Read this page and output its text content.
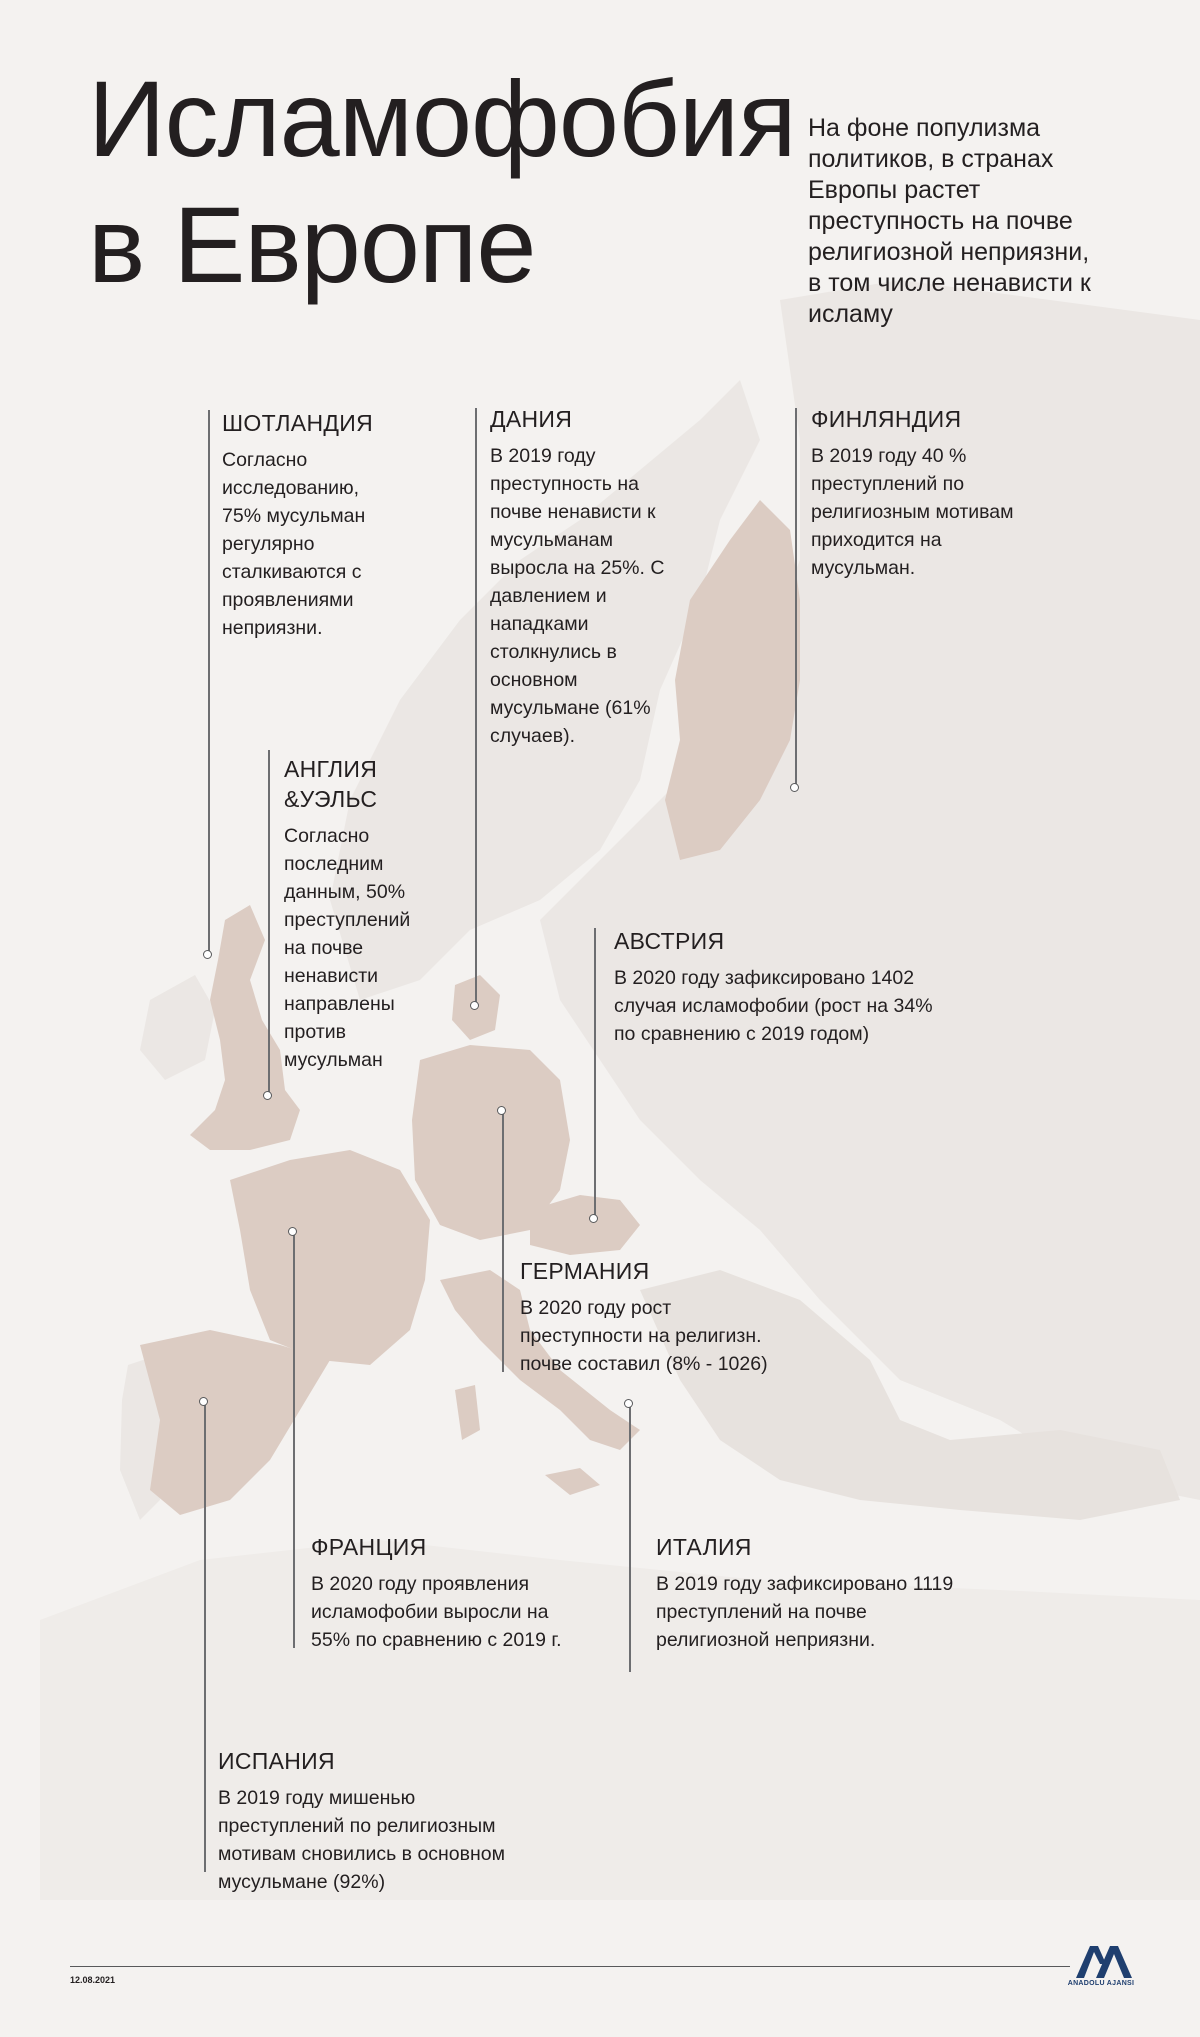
Исламофобия
в Европе
На фоне популизма
политиков, в странах
Европы растет
преступность на почве
религиозной неприязни,
в том числе ненависти к
исламу
ШОТЛАНДИЯ
Согласно
исследованию,
75% мусульман
регулярно
сталкиваются с
проявлениями
неприязни.
ДАНИЯ
В 2019 году
преступность на
почве ненависти к
мусульманам
выросла на 25%. С
давлением и
нападками
столкнулись в
основном
мусульмане (61%
случаев).
ФИНЛЯНДИЯ
В 2019 году 40 %
преступлений по
религиозным мотивам
приходится на
мусульман.
АНГЛИЯ
&УЭЛЬС
Согласно
последним
данным, 50%
преступлений
на почве
ненависти
направлены
против
мусульман
АВСТРИЯ
В 2020 году зафиксировано 1402
случая исламофобии (рост на 34%
по сравнению с 2019 годом)
ГЕРМАНИЯ
В 2020 году рост
преступности на религизн.
почве составил (8% - 1026)
ФРАНЦИЯ
В 2020 году проявления
исламофобии выросли на
55% по сравнению с 2019 г.
ИТАЛИЯ
В 2019 году зафиксировано 1119
преступлений на почве
религиозной неприязни.
ИСПАНИЯ
В 2019 году мишенью
преступлений по религиозным
мотивам сновились в основном
мусульмане (92%)
12.08.2021	ANADOLU AJANSI
